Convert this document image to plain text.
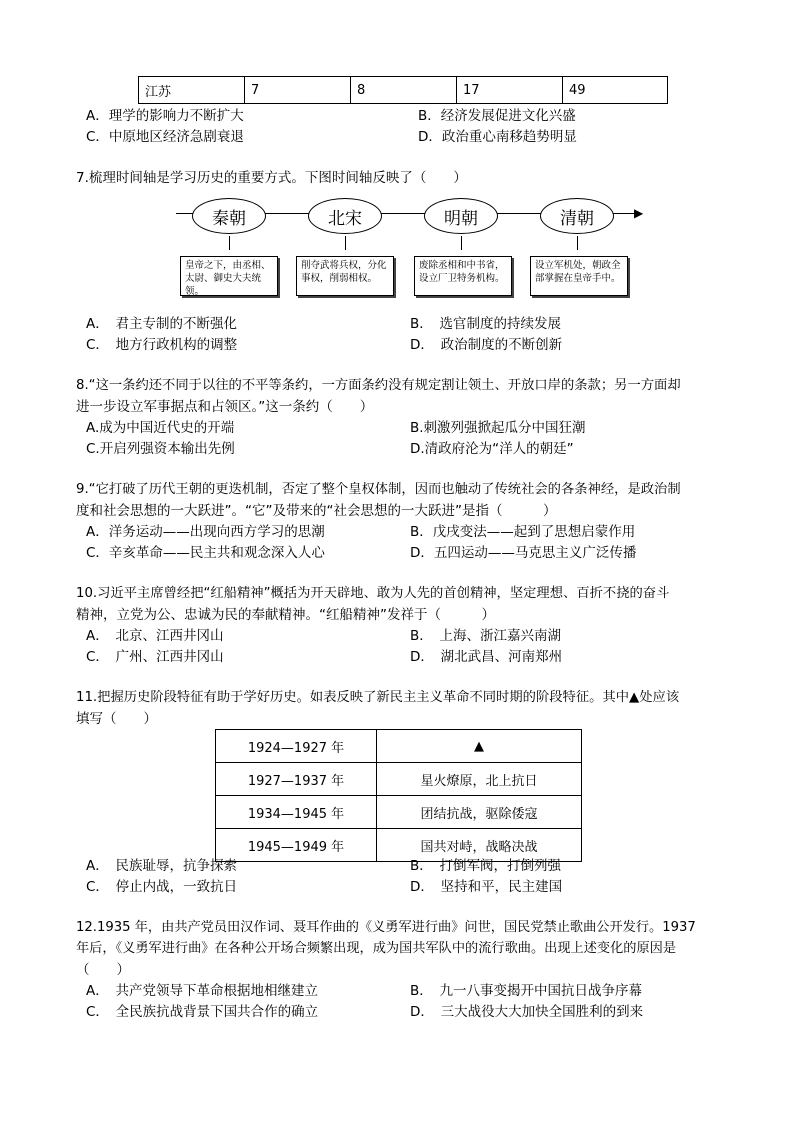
江苏	7	8	17	49
A．理学的影响力不断扩大	B．经济发展促进文化兴盛
C．中原地区经济急剧衰退	D．政治重心南移趋势明显
7.梳理时间轴是学习历史的重要方式。下图时间轴反映了（　　）
▶
秦朝	北宋	明朝	清朝
皇帝之下，由丞相、太尉、御史大夫统领。
削夺武将兵权，分化事权，削弱相权。
废除丞相和中书省，设立厂卫特务机构。
设立军机处，朝政全部掌握在皇帝手中。
A．　君主专制的不断强化	B．　选官制度的持续发展
C．　地方行政机构的调整	D．　政治制度的不断创新
8.“这一条约还不同于以往的不平等条约，一方面条约没有规定割让领土、开放口岸的条款；另一方面却
进一步设立军事据点和占领区。”这一条约（　　）
A.成为中国近代史的开端	B.刺激列强掀起瓜分中国狂潮
C.开启列强资本输出先例	D.清政府沦为“洋人的朝廷”
9.“它打破了历代王朝的更迭机制，否定了整个皇权体制，因而也触动了传统社会的各条神经，是政治制
度和社会思想的一大跃进”。“它”及带来的“社会思想的一大跃进”是指（　　　）
A．洋务运动——出现向西方学习的思潮	B．戊戌变法——起到了思想启蒙作用
C．辛亥革命——民主共和观念深入人心	D．五四运动——马克思主义广泛传播
10.习近平主席曾经把“红船精神”概括为开天辟地、敢为人先的首创精神，坚定理想、百折不挠的奋斗
精神，立党为公、忠诚为民的奉献精神。“红船精神”发祥于（　　　）
A．　北京、江西井冈山	B．　上海、浙江嘉兴南湖
C．　广州、江西井冈山	D．　湖北武昌、河南郑州
11.把握历史阶段特征有助于学好历史。如表反映了新民主主义革命不同时期的阶段特征。其中▲处应该
填写（　　）
1924—1927 年	▲
1927—1937 年	星火燎原，北上抗日
1934—1945 年	团结抗战，驱除倭寇
1945—1949 年	国共对峙，战略决战
A．　民族耻辱，抗争探索	B．　打倒军阀，打倒列强
C．　停止内战，一致抗日	D．　坚持和平，民主建国
12.1935 年，由共产党员田汉作词、聂耳作曲的《义勇军进行曲》问世，国民党禁止歌曲公开发行。1937
年后，《义勇军进行曲》在各种公开场合频繁出现，成为国共军队中的流行歌曲。出现上述变化的原因是
（　　）
A．　共产党领导下革命根据地相继建立	B．　九一八事变揭开中国抗日战争序幕
C．　全民族抗战背景下国共合作的确立	D．　三大战役大大加快全国胜利的到来
